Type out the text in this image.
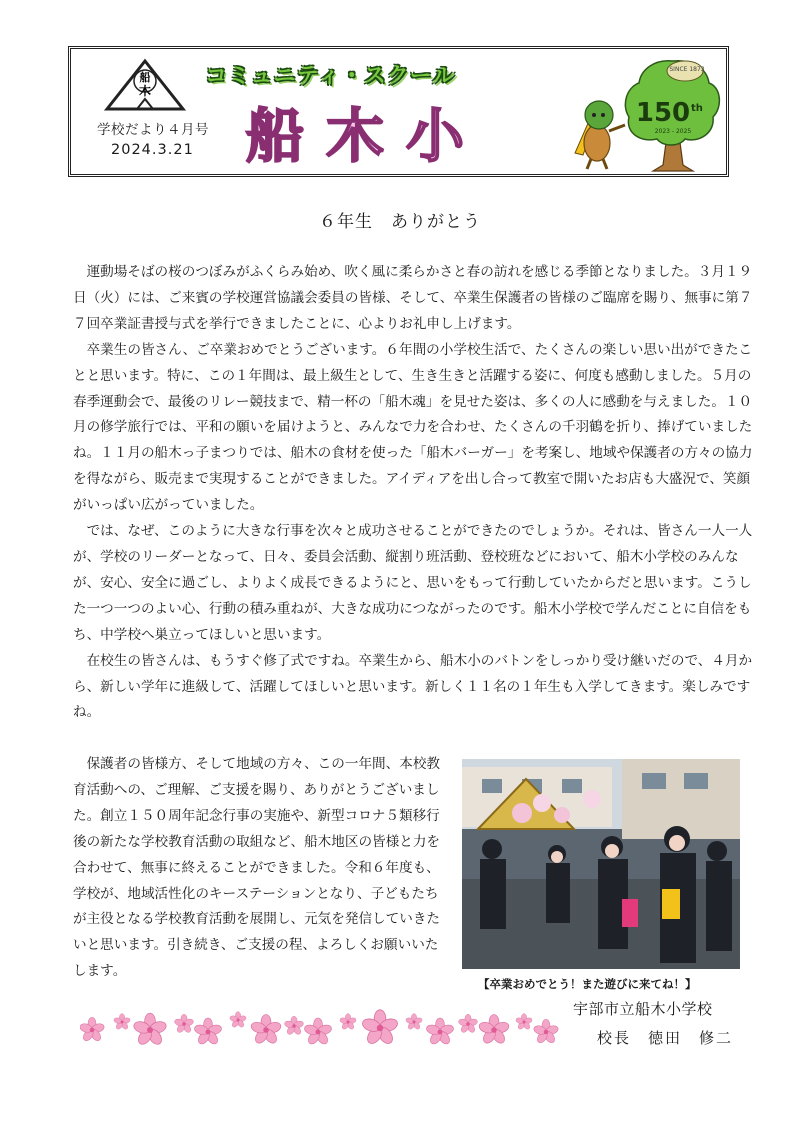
船
木
学校だより４月号
2024.3.21
コミュニティ・スクール
船木小
SINCE 1873
150 th
2023 - 2025
６年生　ありがとう

運動場そばの桜のつぼみがふくらみ始め、吹く風に柔らかさと春の訪れを感じる季節となりました。３月１９日（火）には、ご来賓の学校運営協議会委員の皆様、そして、卒業生保護者の皆様のご臨席を賜り、無事に第７７回卒業証書授与式を挙行できましたことに、心よりお礼申し上げます。

卒業生の皆さん、ご卒業おめでとうございます。６年間の小学校生活で、たくさんの楽しい思い出ができたことと思います。特に、この１年間は、最上級生として、生き生きと活躍する姿に、何度も感動しました。５月の春季運動会で、最後のリレー競技まで、精一杯の「船木魂」を見せた姿は、多くの人に感動を与えました。１０月の修学旅行では、平和の願いを届けようと、みんなで力を合わせ、たくさんの千羽鶴を折り、捧げていましたね。１１月の船木っ子まつりでは、船木の食材を使った「船木バーガー」を考案し、地域や保護者の方々の協力を得ながら、販売まで実現することができました。アイディアを出し合って教室で開いたお店も大盛況で、笑顔がいっぱい広がっていました。

では、なぜ、このように大きな行事を次々と成功させることができたのでしょうか。それは、皆さん一人一人が、学校のリーダーとなって、日々、委員会活動、縦割り班活動、登校班などにおいて、船木小学校のみんなが、安心、安全に過ごし、よりよく成長できるようにと、思いをもって行動していたからだと思います。こうした一つ一つのよい心、行動の積み重ねが、大きな成功につながったのです。船木小学校で学んだことに自信をもち、中学校へ巣立ってほしいと思います。

在校生の皆さんは、もうすぐ修了式ですね。卒業生から、船木小のバトンをしっかり受け継いだので、４月から、新しい学年に進級して、活躍してほしいと思います。新しく１１名の１年生も入学してきます。楽しみですね。

保護者の皆様方、そして地域の方々、この一年間、本校教育活動への、ご理解、ご支援を賜り、ありがとうございました。創立１５０周年記念行事の実施や、新型コロナ５類移行後の新たな学校教育活動の取組など、船木地区の皆様と力を合わせて、無事に終えることができました。令和６年度も、学校が、地域活性化のキーステーションとなり、子どもたちが主役となる学校教育活動を展開し、元気を発信していきたいと思います。引き続き、ご支援の程、よろしくお願いいたします。

【卒業おめでとう！また遊びに来てね！】
宇部市立船木小学校
校長　徳田　修二
